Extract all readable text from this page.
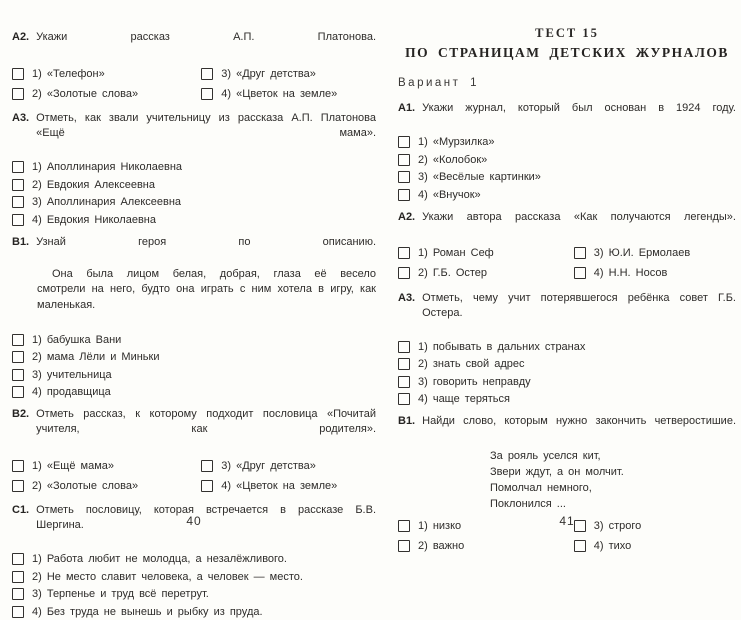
А2. Укажи рассказ А.П. Платонова.
1) «Телефон»
2) «Золотые слова»
3) «Друг детства»
4) «Цветок на земле»
А3. Отметь, как звали учительницу из рассказа А.П. Платонова «Ещё мама».
1) Аполлинария Николаевна
2) Евдокия Алексеевна
3) Аполлинария Алексеевна
4) Евдокия Николаевна
В1. Узнай героя по описанию.

Она была лицом белая, добрая, глаза её весело смотрели на него, будто она играть с ним хотела в игру, как маленькая.

1) бабушка Вани
2) мама Лёли и Миньки
3) учительница
4) продавщица
В2. Отметь рассказ, к которому подходит пословица «Почитай учителя, как родителя».
1) «Ещё мама»
2) «Золотые слова»
3) «Друг детства»
4) «Цветок на земле»
С1. Отметь пословицу, которая встречается в рассказе Б.В. Шергина.
1) Работа любит не молодца, а незалёжливого.
2) Не место славит человека, а человек — место.
3) Терпенье и труд всё перетрут.
4) Без труда не вынешь и рыбку из пруда.
40
ТЕСТ 15
ПО СТРАНИЦАМ ДЕТСКИХ ЖУРНАЛОВ
Вариант 1
А1. Укажи журнал, который был основан в 1924 году.
1) «Мурзилка»
2) «Колобок»
3) «Весёлые картинки»
4) «Внучок»
А2. Укажи автора рассказа «Как получаются легенды».
1) Роман Сеф
2) Г.Б. Остер
3) Ю.И. Ермолаев
4) Н.Н. Носов
А3. Отметь, чему учит потерявшегося ребёнка совет Г.Б. Остера.
1) побывать в дальних странах
2) знать свой адрес
3) говорить неправду
4) чаще теряться
В1. Найди слово, которым нужно закончить четверостишие.
За рояль уселся кит,
Звери ждут, а он молчит.
Помолчал немного,
Поклонился ...
1) низко
2) важно
3) строго
4) тихо
41
